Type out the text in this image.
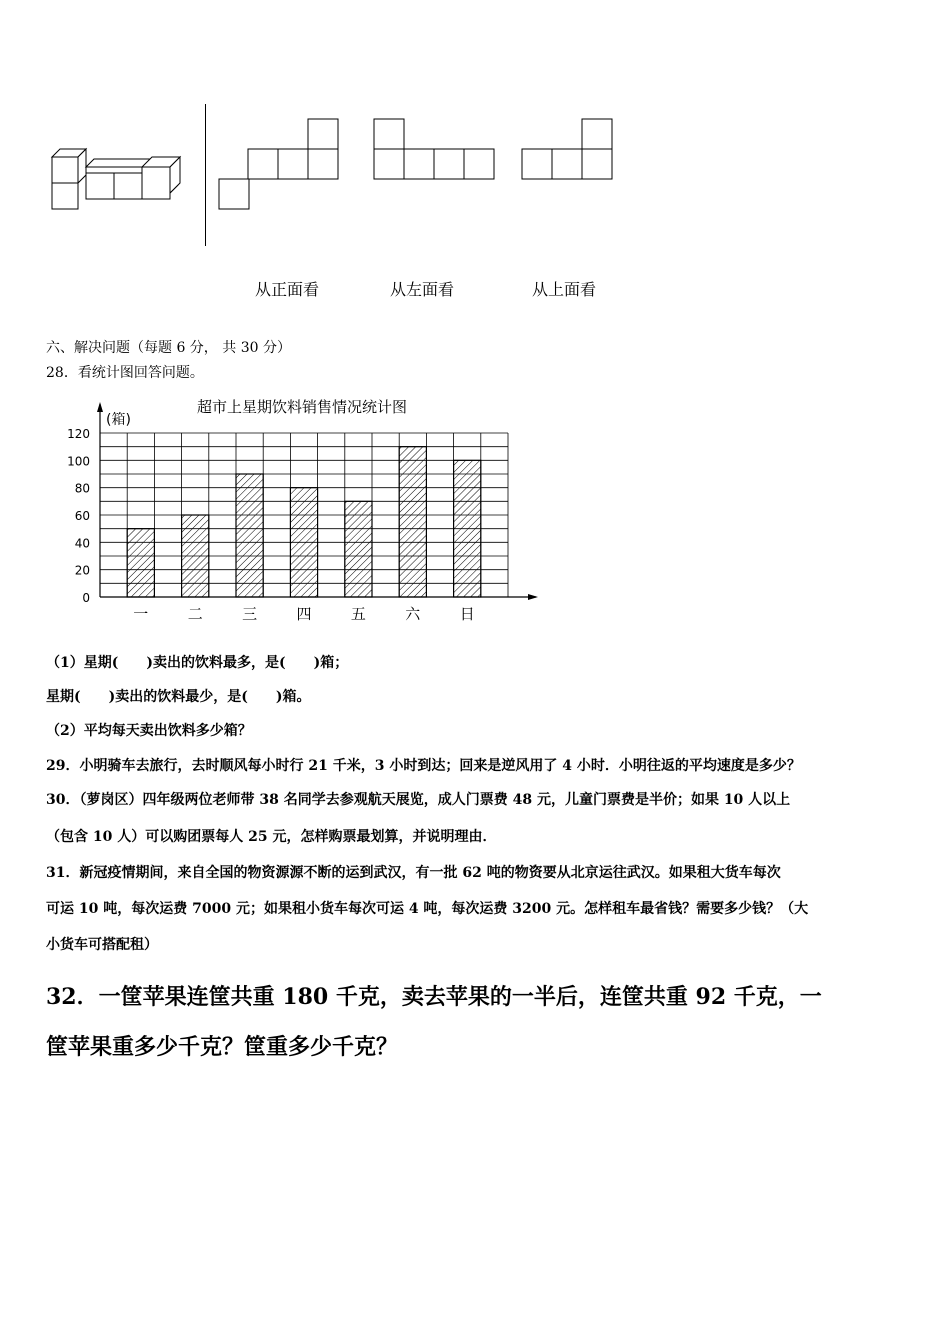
从正面看	从左面看	从上面看
六、解决问题（每题 6 分， 共 30 分）
28．看统计图回答问题。
超市上星期饮料销售情况统计图
(箱)
一	二	三	四	五	六	日
0
20
40
60
80
100
120
（1）星期(　　)卖出的饮料最多，是(　　)箱；
星期(　　)卖出的饮料最少，是(　　)箱。
（2）平均每天卖出饮料多少箱？
29．小明骑车去旅行，去时顺风每小时行 21 千米，3 小时到达；回来是逆风用了 4 小时．小明往返的平均速度是多少？
30．（萝岗区）四年级两位老师带 38 名同学去参观航天展览，成人门票费 48 元，儿童门票费是半价；如果 10 人以上
（包含 10 人）可以购团票每人 25 元，怎样购票最划算，并说明理由．
31．新冠疫情期间，来自全国的物资源源不断的运到武汉，有一批 62 吨的物资要从北京运往武汉。如果租大货车每次
可运 10 吨，每次运费 7000 元；如果租小货车每次可运 4 吨，每次运费 3200 元。怎样租车最省钱？需要多少钱？（大
小货车可搭配租）
32．一筐苹果连筐共重 180 千克，卖去苹果的一半后，连筐共重 92 千克，一
筐苹果重多少千克？筐重多少千克？
